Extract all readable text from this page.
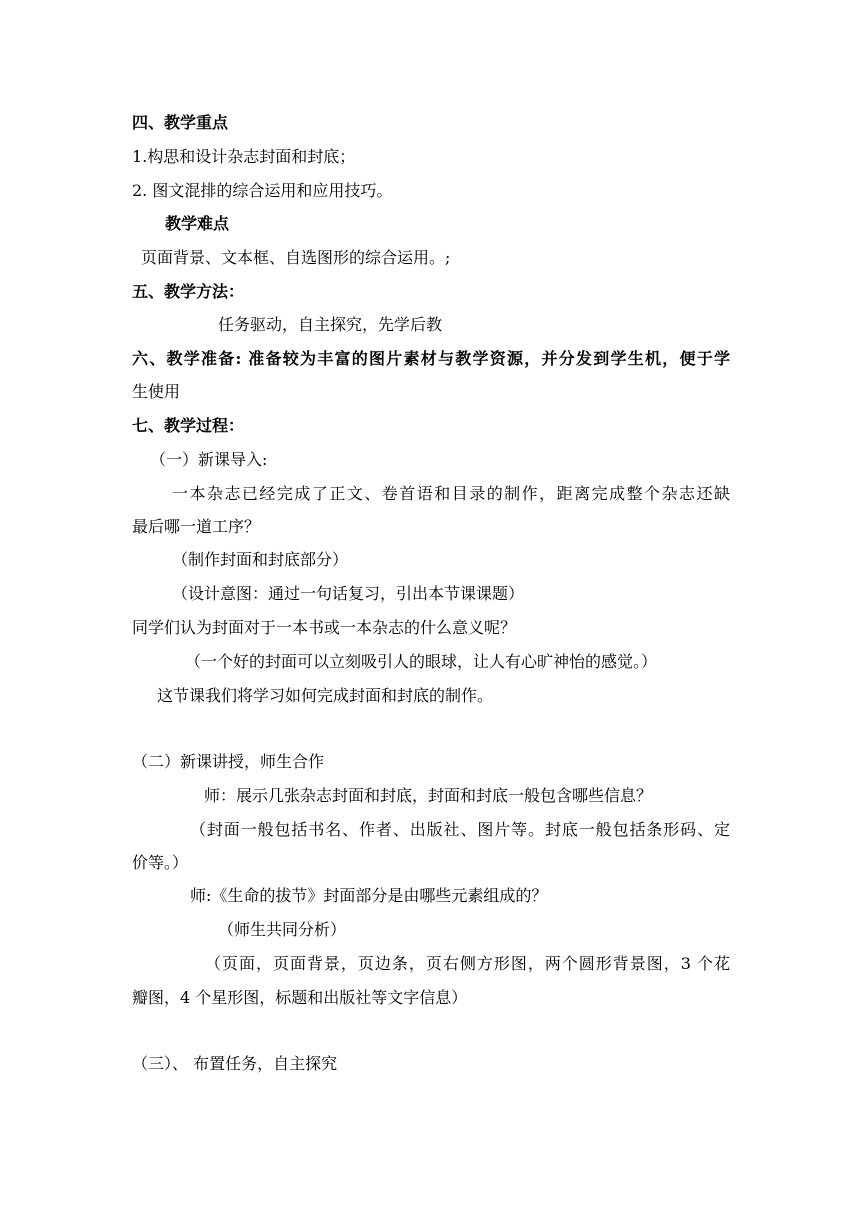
四、教学重点
1.构思和设计杂志封面和封底；
2. 图文混排的综合运用和应用技巧。
教学难点
页面背景、文本框、自选图形的综合运用。;
五、教学方法：
任务驱动，自主探究，先学后教
六、教学准备: 准备较为丰富的图片素材与教学资源，并分发到学生机，便于学
生使用
七、教学过程：
（一）新课导入:
一本杂志已经完成了正文、卷首语和目录的制作，距离完成整个杂志还缺
最后哪一道工序？
（制作封面和封底部分）
（设计意图：通过一句话复习，引出本节课课题）
同学们认为封面对于一本书或一本杂志的什么意义呢？
（一个好的封面可以立刻吸引人的眼球，让人有心旷神怡的感觉。）
这节课我们将学习如何完成封面和封底的制作。
（二）新课讲授，师生合作
师：展示几张杂志封面和封底，封面和封底一般包含哪些信息？
（封面一般包括书名、作者、出版社、图片等。封底一般包括条形码、定
价等。）
师:《生命的拔节》封面部分是由哪些元素组成的？
（师生共同分析）
（页面，页面背景，页边条，页右侧方形图，两个圆形背景图，3 个花
瓣图，4 个星形图，标题和出版社等文字信息）
（三）、 布置任务，自主探究
